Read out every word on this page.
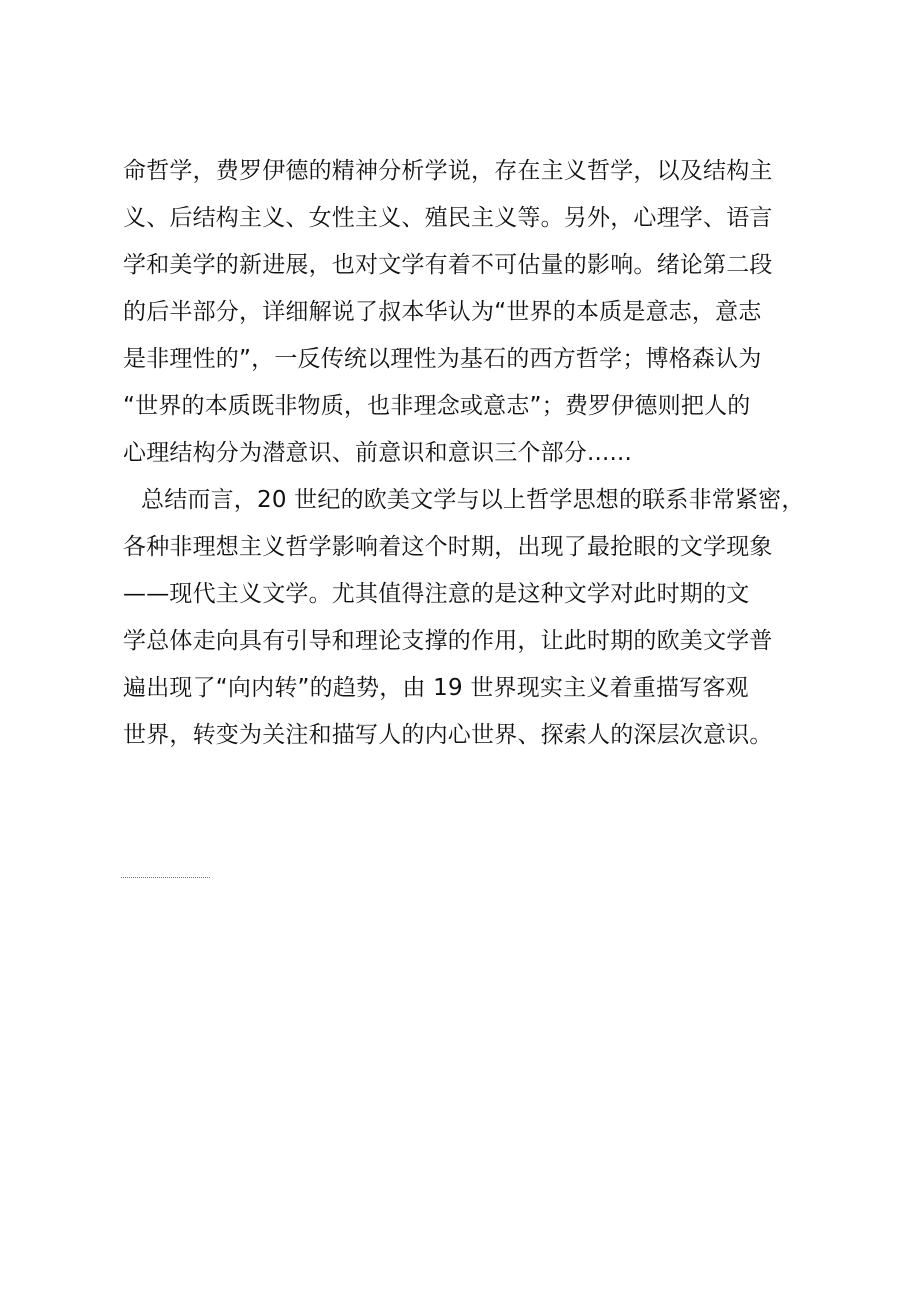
命哲学，费罗伊德的精神分析学说，存在主义哲学，以及结构主
义、后结构主义、女性主义、殖民主义等。另外，心理学、语言
学和美学的新进展，也对文学有着不可估量的影响。绪论第二段
的后半部分，详细解说了叔本华认为“世界的本质是意志，意志
是非理性的”，一反传统以理性为基石的西方哲学；博格森认为
“世界的本质既非物质，也非理念或意志”；费罗伊德则把人的
心理结构分为潜意识、前意识和意识三个部分......
总结而言，20 世纪的欧美文学与以上哲学思想的联系非常紧密，
各种非理想主义哲学影响着这个时期，出现了最抢眼的文学现象
——现代主义文学。尤其值得注意的是这种文学对此时期的文
学总体走向具有引导和理论支撑的作用，让此时期的欧美文学普
遍出现了“向内转”的趋势，由 19 世界现实主义着重描写客观
世界，转变为关注和描写人的内心世界、探索人的深层次意识。
